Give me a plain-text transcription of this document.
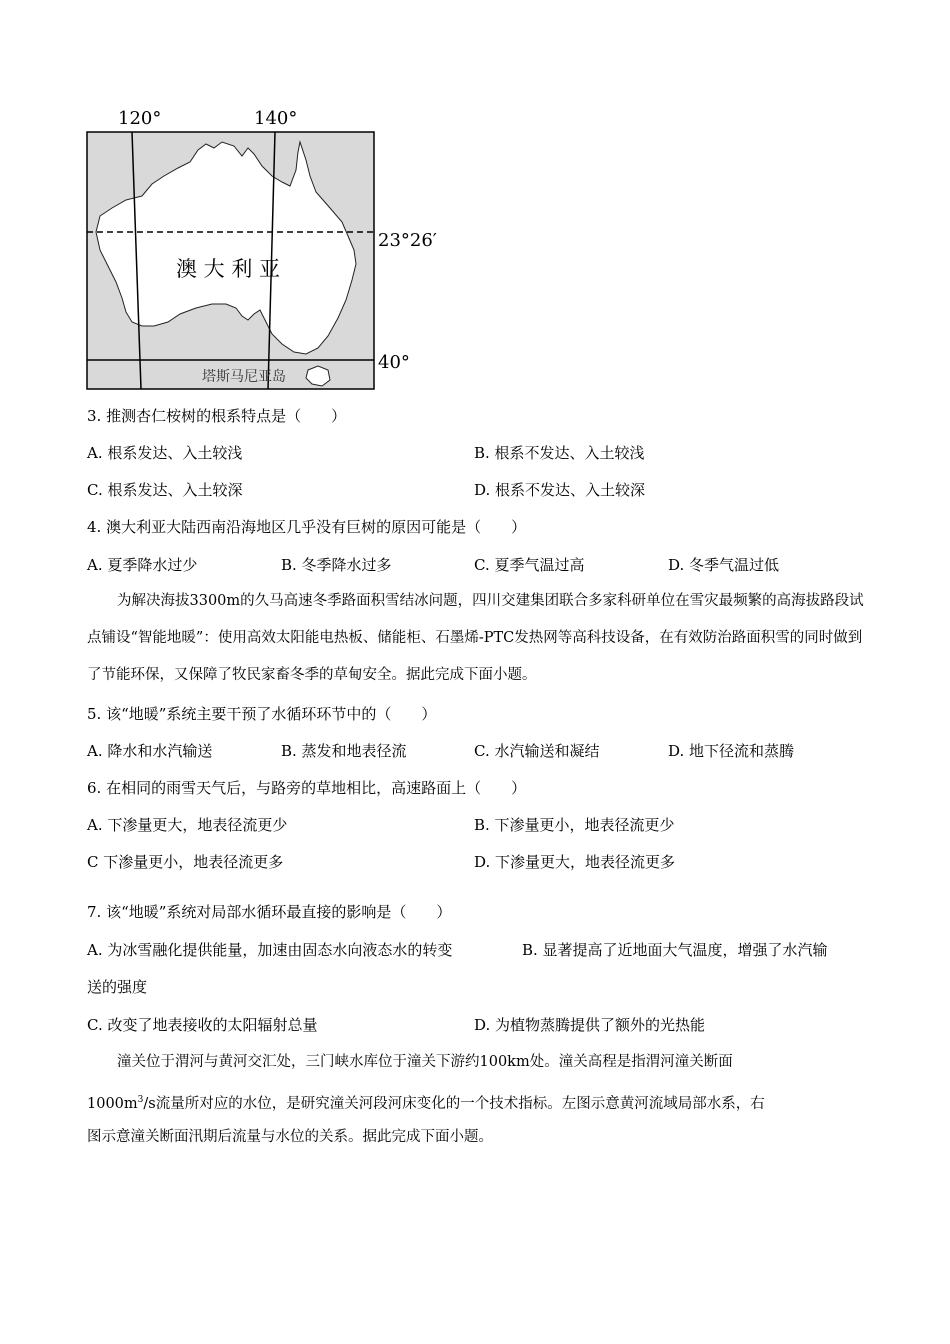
120°	140°
23°26′
40°
澳 大 利 亚
塔斯马尼亚岛
3. 推测杏仁桉树的根系特点是（　　）
A. 根系发达、入土较浅	B. 根系不发达、入土较浅
C. 根系发达、入土较深	D. 根系不发达、入土较深
4. 澳大利亚大陆西南沿海地区几乎没有巨树的原因可能是（　　）
A. 夏季降水过少	B. 冬季降水过多	C. 夏季气温过高	D. 冬季气温过低
为解决海拔3300m的久马高速冬季路面积雪结冰问题，四川交建集团联合多家科研单位在雪灾最频繁的高海拔路段试点铺设“智能地暖”：使用高效太阳能电热板、储能柜、石墨烯-PTC发热网等高科技设备，在有效防治路面积雪的同时做到了节能环保，又保障了牧民家畜冬季的草甸安全。据此完成下面小题。
5. 该“地暖”系统主要干预了水循环环节中的（　　）
A. 降水和水汽输送	B. 蒸发和地表径流	C. 水汽输送和凝结	D. 地下径流和蒸腾
6. 在相同的雨雪天气后，与路旁的草地相比，高速路面上（　　）
A. 下渗量更大，地表径流更少	B. 下渗量更小，地表径流更少
C 下渗量更小，地表径流更多	D. 下渗量更大，地表径流更多
7. 该“地暖”系统对局部水循环最直接的影响是（　　）
A. 为冰雪融化提供能量，加速由固态水向液态水的转变	B. 显著提高了近地面大气温度，增强了水汽输
送的强度
C. 改变了地表接收的太阳辐射总量	D. 为植物蒸腾提供了额外的光热能
潼关位于渭河与黄河交汇处，三门峡水库位于潼关下游约100km处。潼关高程是指渭河潼关断面
$1000m^3/s$流量所对应的水位，是研究潼关河段河床变化的一个技术指标。左图示意黄河流域局部水系，右
图示意潼关断面汛期后流量与水位的关系。据此完成下面小题。
